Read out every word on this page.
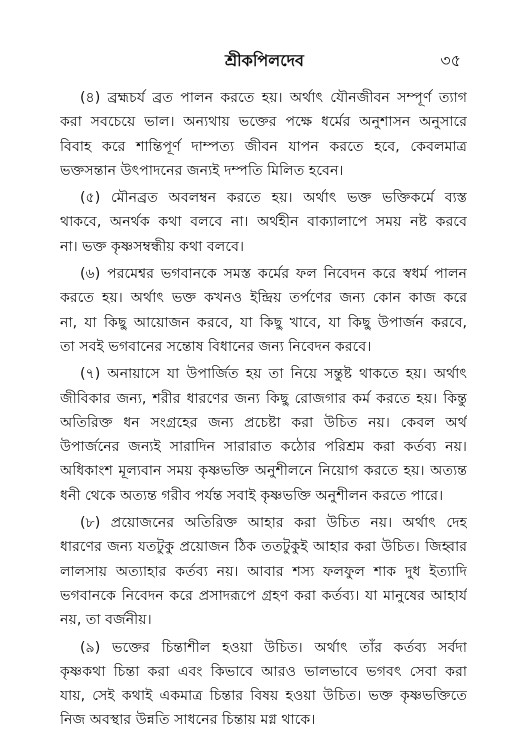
শ্রীকপিলদেব	৩৫
(৪) ব্রহ্মচর্য ব্রত পালন করতে হয়। অর্থাৎ যৌনজীবন সম্পূর্ণ ত্যাগ
করা সবচেয়ে ভাল। অন্যথায় ভক্তের পক্ষে ধর্মের অনুশাসন অনুসারে
বিবাহ করে শান্তিপূর্ণ দাম্পত্য জীবন যাপন করতে হবে, কেবলমাত্র
ভক্তসন্তান উৎপাদনের জন্যই দম্পতি মিলিত হবেন।
(৫) মৌনব্রত অবলম্বন করতে হয়। অর্থাৎ ভক্ত ভক্তিকর্মে ব্যস্ত
থাকবে, অনর্থক কথা বলবে না। অর্থহীন বাক্যালাপে সময় নষ্ট করবে
না। ভক্ত কৃষ্ণসম্বন্ধীয় কথা বলবে।
(৬) পরমেশ্বর ভগবানকে সমস্ত কর্মের ফল নিবেদন করে স্বধর্ম পালন
করতে হয়। অর্থাৎ ভক্ত কখনও ইন্দ্রিয় তর্পণের জন্য কোন কাজ করে
না, যা কিছু আয়োজন করবে, যা কিছু খাবে, যা কিছু উপার্জন করবে,
তা সবই ভগবানের সন্তোষ বিধানের জন্য নিবেদন করবে।
(৭) অনায়াসে যা উপার্জিত হয় তা নিয়ে সন্তুষ্ট থাকতে হয়। অর্থাৎ
জীবিকার জন্য, শরীর ধারণের জন্য কিছু রোজগার কর্ম করতে হয়। কিন্তু
অতিরিক্ত ধন সংগ্রহের জন্য প্রচেষ্টা করা উচিত নয়। কেবল অর্থ
উপার্জনের জন্যই সারাদিন সারারাত কঠোর পরিশ্রম করা কর্তব্য নয়।
অধিকাংশ মূল্যবান সময় কৃষ্ণভক্তি অনুশীলনে নিয়োগ করতে হয়। অত্যন্ত
ধনী থেকে অত্যন্ত গরীব পর্যন্ত সবাই কৃষ্ণভক্তি অনুশীলন করতে পারে।
(৮) প্রয়োজনের অতিরিক্ত আহার করা উচিত নয়। অর্থাৎ দেহ
ধারণের জন্য যতটুকু প্রয়োজন ঠিক ততটুকুই আহার করা উচিত। জিহ্বার
লালসায় অত্যাহার কর্তব্য নয়। আবার শস্য ফলফুল শাক দুধ ইত্যাদি
ভগবানকে নিবেদন করে প্রসাদরূপে গ্রহণ করা কর্তব্য। যা মানুষের আহার্য
নয়, তা বর্জনীয়।
(৯) ভক্তের চিন্তাশীল হওয়া উচিত। অর্থাৎ তাঁর কর্তব্য সর্বদা
কৃষ্ণকথা চিন্তা করা এবং কিভাবে আরও ভালভাবে ভগবৎ সেবা করা
যায়, সেই কথাই একমাত্র চিন্তার বিষয় হওয়া উচিত। ভক্ত কৃষ্ণভক্তিতে
নিজ অবস্থার উন্নতি সাধনের চিন্তায় মগ্ন থাকে।
